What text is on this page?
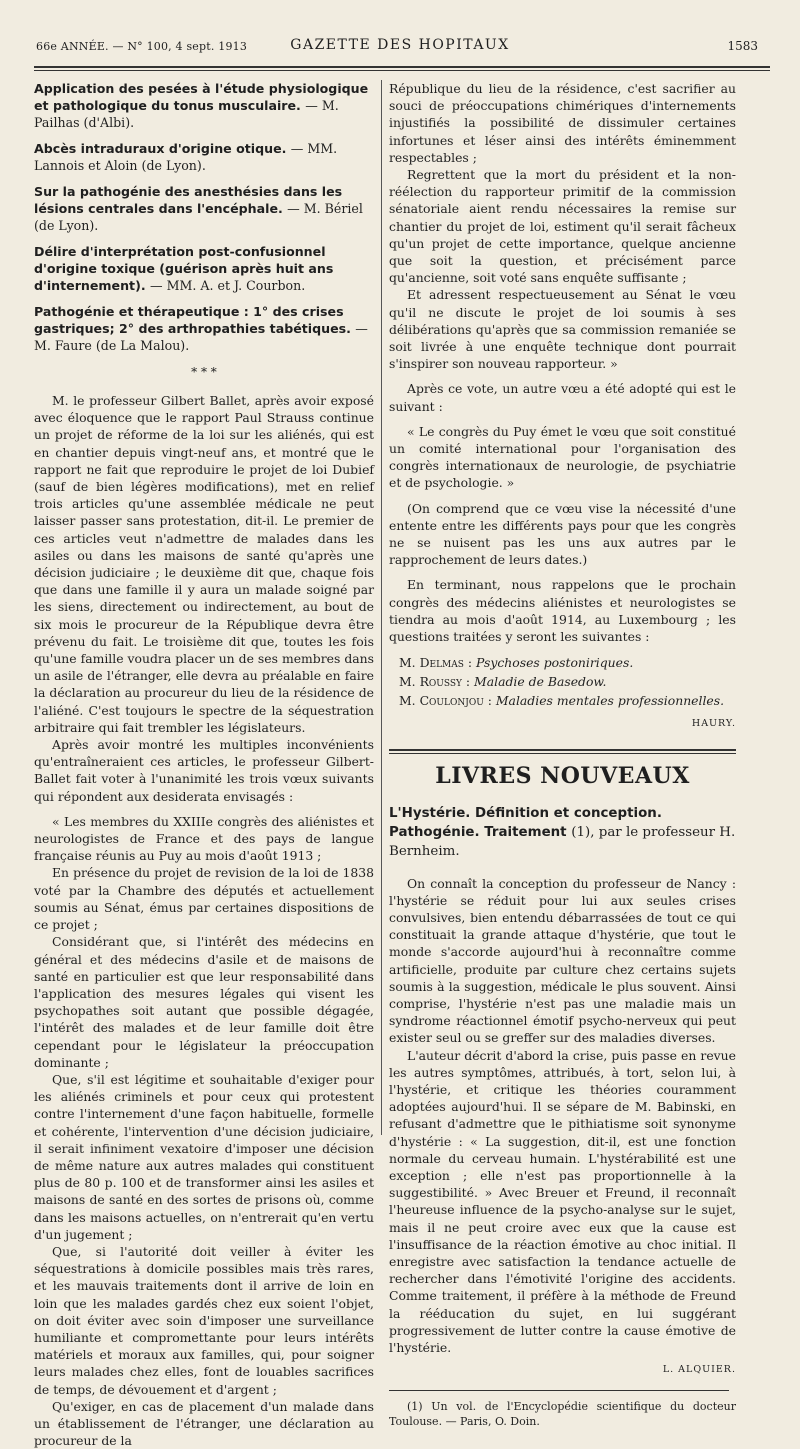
66e ANNÉE. — N° 100, 4 sept. 1913	GAZETTE DES HOPITAUX	1583

Application des pesées à l'étude physiologique et pathologique du tonus musculaire. — M. Pailhas (d'Albi).

Abcès intraduraux d'origine otique. — MM. Lannois et Aloin (de Lyon).

Sur la pathogénie des anesthésies dans les lésions centrales dans l'encéphale. — M. Bériel (de Lyon).

Délire d'interprétation post-confusionnel d'origine toxique (guérison après huit ans d'internement). — MM. A. et J. Courbon.

Pathogénie et thérapeutique : 1° des crises gastriques; 2° des arthropathies tabétiques. — M. Faure (de La Malou).

* * *

M. le professeur Gilbert Ballet, après avoir exposé avec éloquence que le rapport Paul Strauss continue un projet de réforme de la loi sur les aliénés, qui est en chantier depuis vingt-neuf ans, et montré que le rapport ne fait que reproduire le projet de loi Dubief (sauf de bien légères modifications), met en relief trois articles qu'une assemblée médicale ne peut laisser passer sans protestation, dit-il. Le premier de ces articles veut n'admettre de malades dans les asiles ou dans les maisons de santé qu'après une décision judiciaire ; le deuxième dit que, chaque fois que dans une famille il y aura un malade soigné par les siens, directement ou indirectement, au bout de six mois le procureur de la République devra être prévenu du fait. Le troisième dit que, toutes les fois qu'une famille voudra placer un de ses membres dans un asile de l'étranger, elle devra au préalable en faire la déclaration au procureur du lieu de la résidence de l'aliéné. C'est toujours le spectre de la séquestration arbitraire qui fait trembler les législateurs.

Après avoir montré les multiples inconvénients qu'entraîneraient ces articles, le professeur Gilbert-Ballet fait voter à l'unanimité les trois vœux suivants qui répondent aux desiderata envisagés :

« Les membres du XXIIIe congrès des aliénistes et neurologistes de France et des pays de langue française réunis au Puy au mois d'août 1913 ;

En présence du projet de revision de la loi de 1838 voté par la Chambre des députés et actuellement soumis au Sénat, émus par certaines dispositions de ce projet ;

Considérant que, si l'intérêt des médecins en général et des médecins d'asile et de maisons de santé en particulier est que leur responsabilité dans l'application des mesures légales qui visent les psychopathes soit autant que possible dégagée, l'intérêt des malades et de leur famille doit être cependant pour le législateur la préoccupation dominante ;

Que, s'il est légitime et souhaitable d'exiger pour les aliénés criminels et pour ceux qui protestent contre l'internement d'une façon habituelle, formelle et cohérente, l'intervention d'une décision judiciaire, il serait infiniment vexatoire d'imposer une décision de même nature aux autres malades qui constituent plus de 80 p. 100 et de transformer ainsi les asiles et maisons de santé en des sortes de prisons où, comme dans les maisons actuelles, on n'entrerait qu'en vertu d'un jugement ;

Que, si l'autorité doit veiller à éviter les séquestrations à domicile possibles mais très rares, et les mauvais traitements dont il arrive de loin en loin que les malades gardés chez eux soient l'objet, on doit éviter avec soin d'imposer une surveillance humiliante et compromettante pour leurs intérêts matériels et moraux aux familles, qui, pour soigner leurs malades chez elles, font de louables sacrifices de temps, de dévouement et d'argent ;

Qu'exiger, en cas de placement d'un malade dans un établissement de l'étranger, une déclaration au procureur de la

République du lieu de la résidence, c'est sacrifier au souci de préoccupations chimériques d'internements injustifiés la possibilité de dissimuler certaines infortunes et léser ainsi des intérêts éminemment respectables ;

Regrettent que la mort du président et la non-réélection du rapporteur primitif de la commission sénatoriale aient rendu nécessaires la remise sur chantier du projet de loi, estiment qu'il serait fâcheux qu'un projet de cette importance, quelque ancienne que soit la question, et précisément parce qu'ancienne, soit voté sans enquête suffisante ;

Et adressent respectueusement au Sénat le vœu qu'il ne discute le projet de loi soumis à ses délibérations qu'après que sa commission remaniée se soit livrée à une enquête technique dont pourrait s'inspirer son nouveau rapporteur. »

Après ce vote, un autre vœu a été adopté qui est le suivant :

« Le congrès du Puy émet le vœu que soit constitué un comité international pour l'organisation des congrès internationaux de neurologie, de psychiatrie et de psychologie. »

(On comprend que ce vœu vise la nécessité d'une entente entre les différents pays pour que les congrès ne se nuisent pas les uns aux autres par le rapprochement de leurs dates.)

En terminant, nous rappelons que le prochain congrès des médecins aliénistes et neurologistes se tiendra au mois d'août 1914, au Luxembourg ; les questions traitées y seront les suivantes :

M. Delmas : Psychoses postoniriques.
M. Roussy : Maladie de Basedow.
M. Coulonjou : Maladies mentales professionnelles.
HAURY.
LIVRES NOUVEAUX

L'Hystérie. Définition et conception. Pathogénie. Traitement (1), par le professeur H. Bernheim.

On connaît la conception du professeur de Nancy : l'hystérie se réduit pour lui aux seules crises convulsives, bien entendu débarrassées de tout ce qui constituait la grande attaque d'hystérie, que tout le monde s'accorde aujourd'hui à reconnaître comme artificielle, produite par culture chez certains sujets soumis à la suggestion, médicale le plus souvent. Ainsi comprise, l'hystérie n'est pas une maladie mais un syndrome réactionnel émotif psycho-nerveux qui peut exister seul ou se greffer sur des maladies diverses.

L'auteur décrit d'abord la crise, puis passe en revue les autres symptômes, attribués, à tort, selon lui, à l'hystérie, et critique les théories couramment adoptées aujourd'hui. Il se sépare de M. Babinski, en refusant d'admettre que le pithiatisme soit synonyme d'hystérie : « La suggestion, dit-il, est une fonction normale du cerveau humain. L'hystérabilité est une exception ; elle n'est pas proportionnelle à la suggestibilité. » Avec Breuer et Freund, il reconnaît l'heureuse influence de la psycho-analyse sur le sujet, mais il ne peut croire avec eux que la cause est l'insuffisance de la réaction émotive au choc initial. Il enregistre avec satisfaction la tendance actuelle de rechercher dans l'émotivité l'origine des accidents. Comme traitement, il préfère à la méthode de Freund la rééducation du sujet, en lui suggérant progressivement de lutter contre la cause émotive de l'hystérie.

L. ALQUIER.

(1) Un vol. de l'Encyclopédie scientifique du docteur Toulouse. — Paris, O. Doin.
